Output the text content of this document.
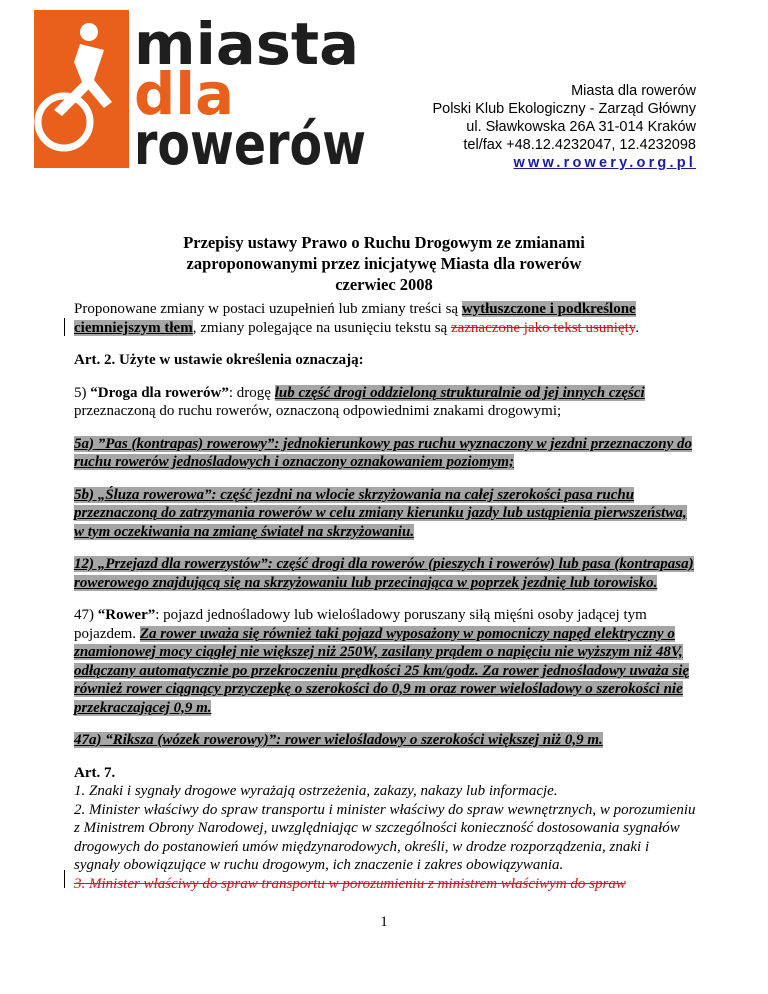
miasta
dla
rowerów
Miasta dla rowerów
Polski Klub Ekologiczny - Zarząd Główny
ul. Sławkowska 26A 31-014 Kraków
tel/fax +48.12.4232047, 12.4232098
www.rowery.org.pl
Przepisy ustawy Prawo o Ruchu Drogowym ze zmianami
zaproponowanymi przez inicjatywę Miasta dla rowerów
czerwiec 2008

Proponowane zmiany w postaci uzupełnień lub zmiany treści są wytłuszczone i podkreślone ciemniejszym tłem, zmiany polegające na usunięciu tekstu są zaznaczone jako tekst usunięty.

Art. 2. Użyte w ustawie określenia oznaczają:

5) “Droga dla rowerów”: drogę lub część drogi oddzieloną strukturalnie od jej innych części przeznaczoną do ruchu rowerów, oznaczoną odpowiednimi znakami drogowymi;

5a) ”Pas (kontrapas) rowerowy”: jednokierunkowy pas ruchu wyznaczony w jezdni przeznaczony do ruchu rowerów jednośladowych i oznaczony oznakowaniem poziomym;

5b) „Śluza rowerowa”: część jezdni na wlocie skrzyżowania na całej szerokości pasa ruchu przeznaczoną do zatrzymania rowerów w celu zmiany kierunku jazdy lub ustąpienia pierwszeństwa, w tym oczekiwania na zmianę świateł na skrzyżowaniu.

12) „Przejazd dla rowerzystów”: część drogi dla rowerów (pieszych i rowerów) lub pasa (kontrapasa) rowerowego znajdującą się na skrzyżowaniu lub przecinająca w poprzek jezdnię lub torowisko.

47) “Rower”: pojazd jednośladowy lub wielośladowy poruszany siłą mięśni osoby jadącej tym pojazdem. Za rower uważa się również taki pojazd wyposażony w pomocniczy napęd elektryczny o znamionowej mocy ciągłej nie większej niż 250W, zasilany prądem o napięciu nie wyższym niż 48V, odłączany automatycznie po przekroczeniu prędkości 25 km/godz. Za rower jednośladowy uważa się również rower ciągnący przyczepkę o szerokości do 0,9 m oraz rower wielośladowy o szerokości nie przekraczającej 0,9 m.

47a) “Riksza (wózek rowerowy)”: rower wielośladowy o szerokości większej niż 0,9 m.

Art. 7.
1. Znaki i sygnały drogowe wyrażają ostrzeżenia, zakazy, nakazy lub informacje.
2. Minister właściwy do spraw transportu i minister właściwy do spraw wewnętrznych, w porozumieniu z Ministrem Obrony Narodowej, uwzględniając w szczególności konieczność dostosowania sygnałów drogowych do postanowień umów międzynarodowych, określi, w drodze rozporządzenia, znaki i sygnały obowiązujące w ruchu drogowym, ich znaczenie i zakres obowiązywania.
3. Minister właściwy do spraw transportu w porozumieniu z ministrem właściwym do spraw
1
